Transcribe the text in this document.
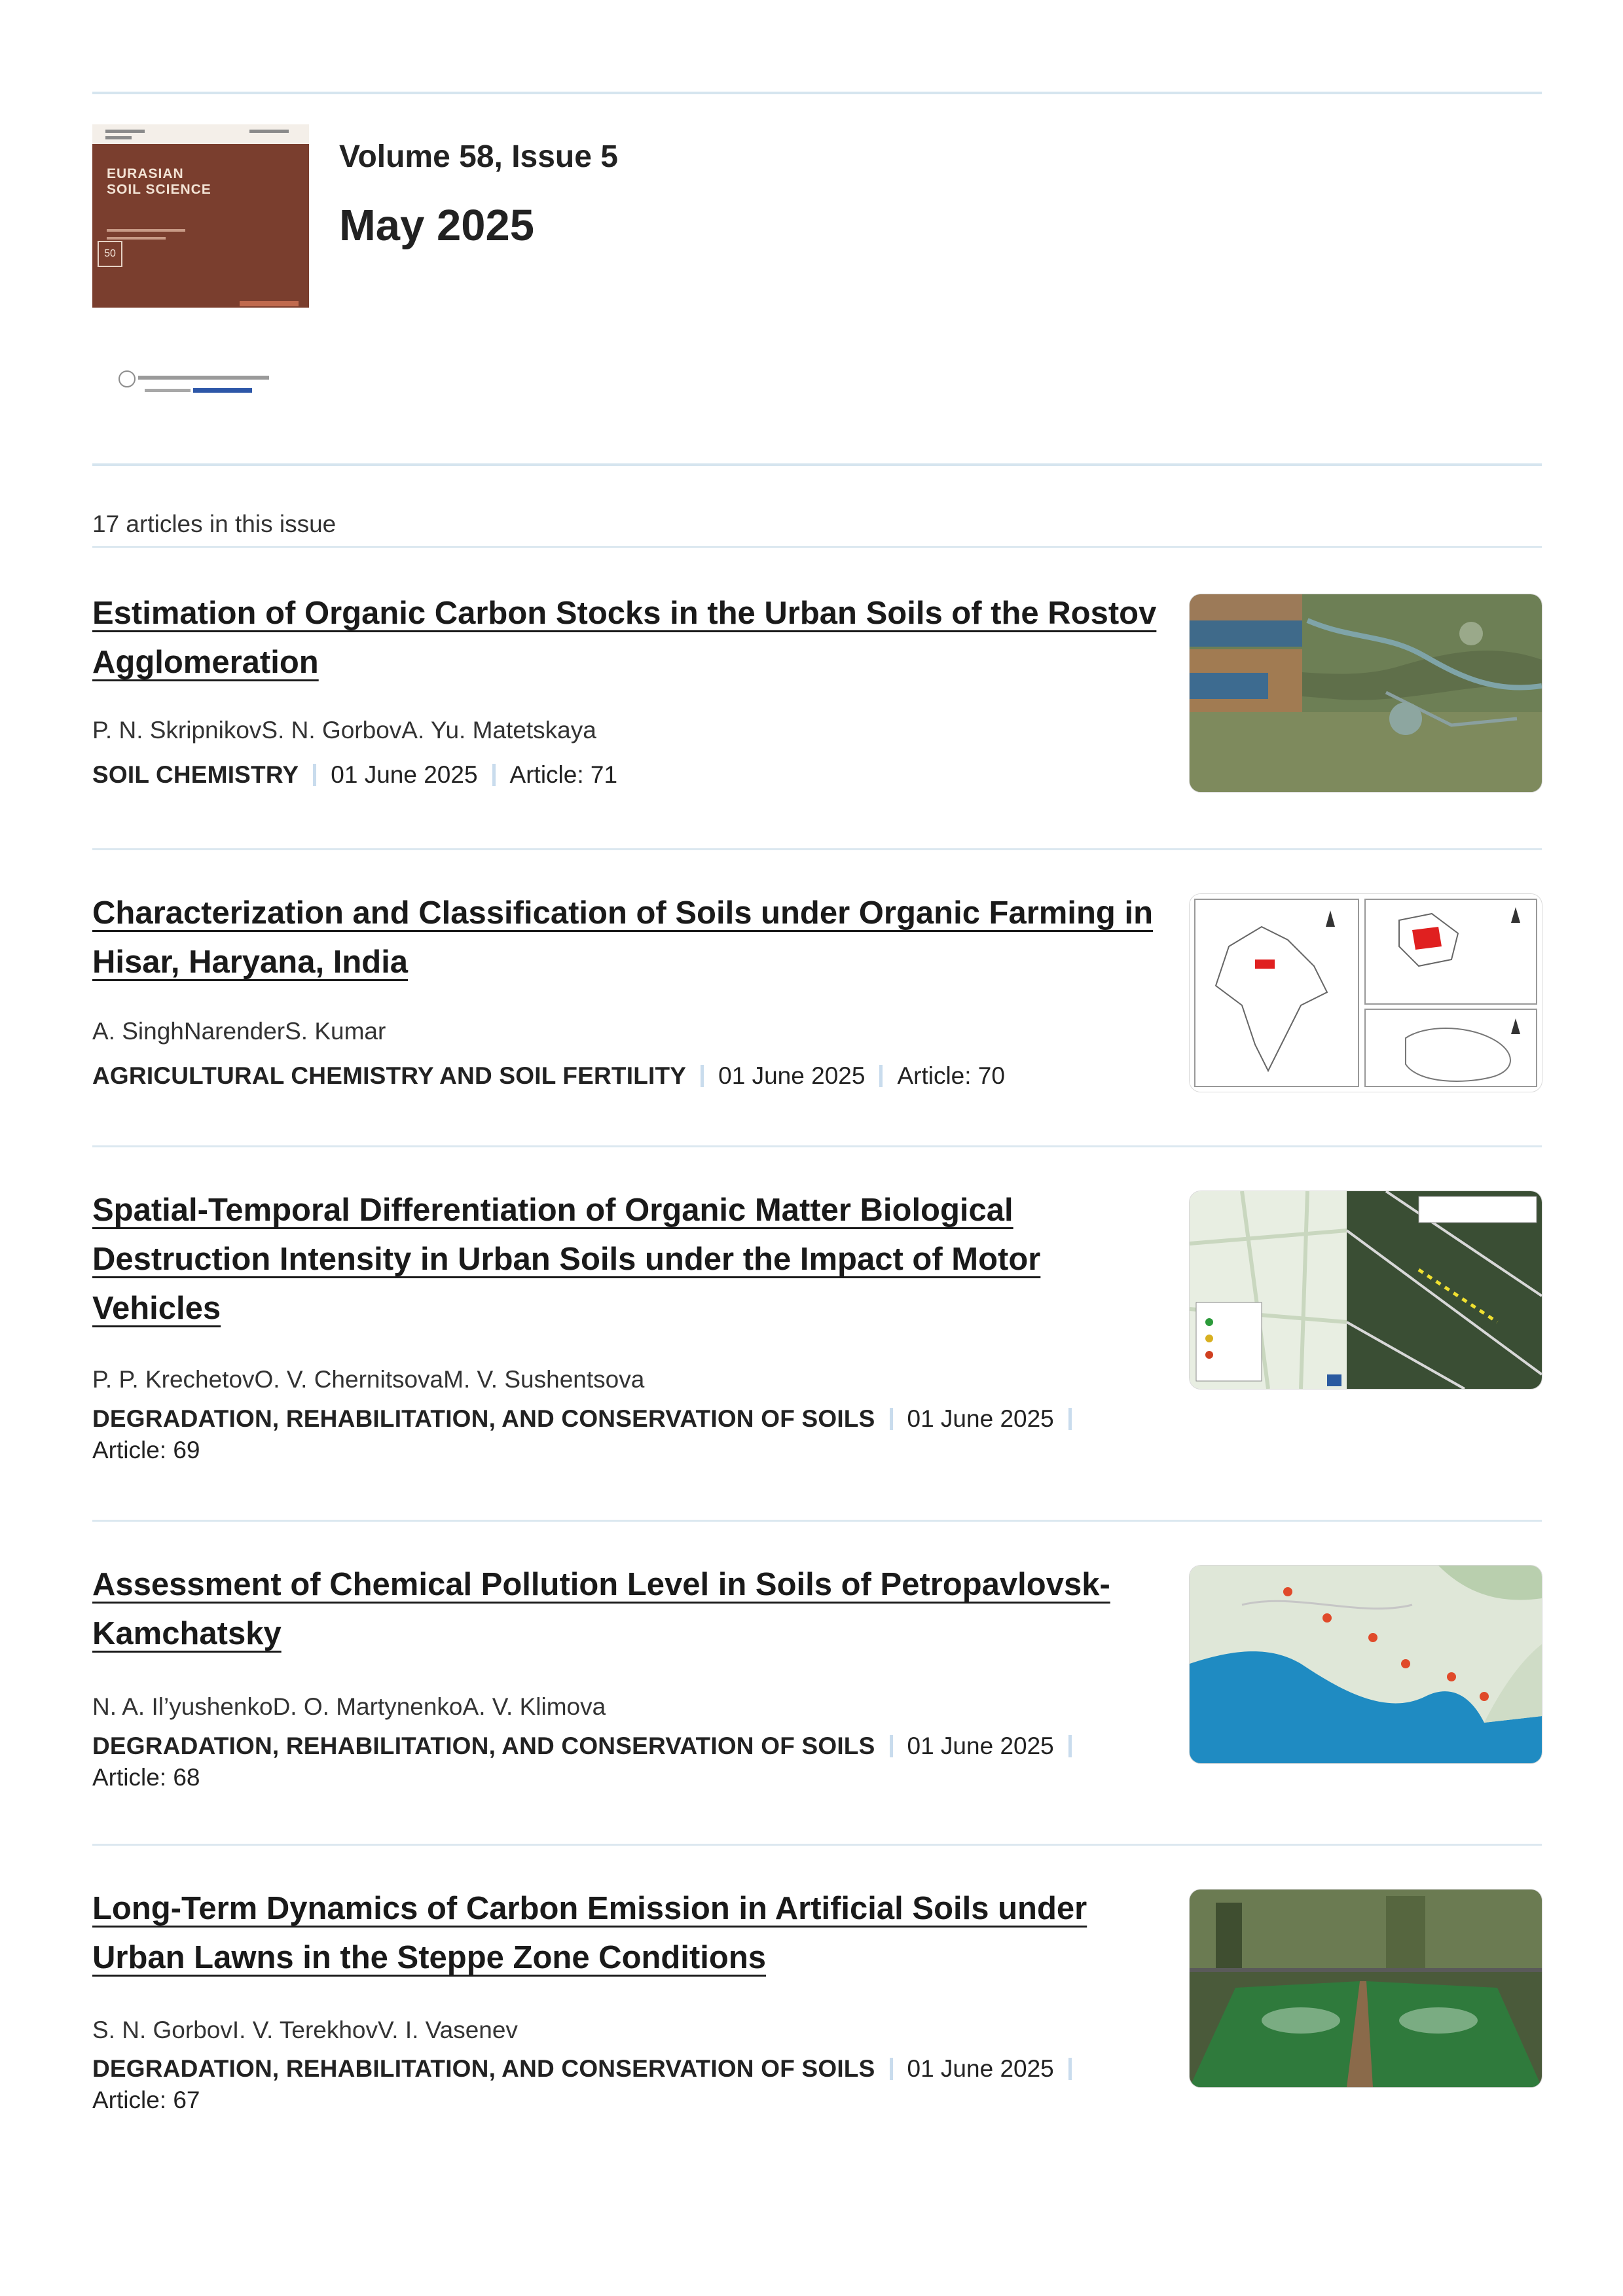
EURASIAN
SOIL SCIENCE
50
Volume 58, Issue 5
May 2025
17 articles in this issue
Estimation of Organic Carbon Stocks in the Urban Soils of the Rostov Agglomeration
P. N. SkripnikovS. N. GorbovA. Yu. Matetskaya
SOIL CHEMISTRY 01 June 2025 Article: 71
Characterization and Classification of Soils under Organic Farming in Hisar, Haryana, India
A. SinghNarenderS. Kumar
AGRICULTURAL CHEMISTRY AND SOIL FERTILITY 01 June 2025 Article: 70
Spatial-Temporal Differentiation of Organic Matter Biological Destruction Intensity in Urban Soils under the Impact of Motor Vehicles
P. P. KrechetovO. V. ChernitsovaM. V. Sushentsova
DEGRADATION, REHABILITATION, AND CONSERVATION OF SOILS 01 June 2025
Article: 69
Assessment of Chemical Pollution Level in Soils of Petropavlovsk-Kamchatsky
N. A. Il’yushenkoD. O. MartynenkoA. V. Klimova
DEGRADATION, REHABILITATION, AND CONSERVATION OF SOILS 01 June 2025
Article: 68
Long-Term Dynamics of Carbon Emission in Artificial Soils under Urban Lawns in the Steppe Zone Conditions
S. N. GorbovI. V. TerekhovV. I. Vasenev
DEGRADATION, REHABILITATION, AND CONSERVATION OF SOILS 01 June 2025
Article: 67
